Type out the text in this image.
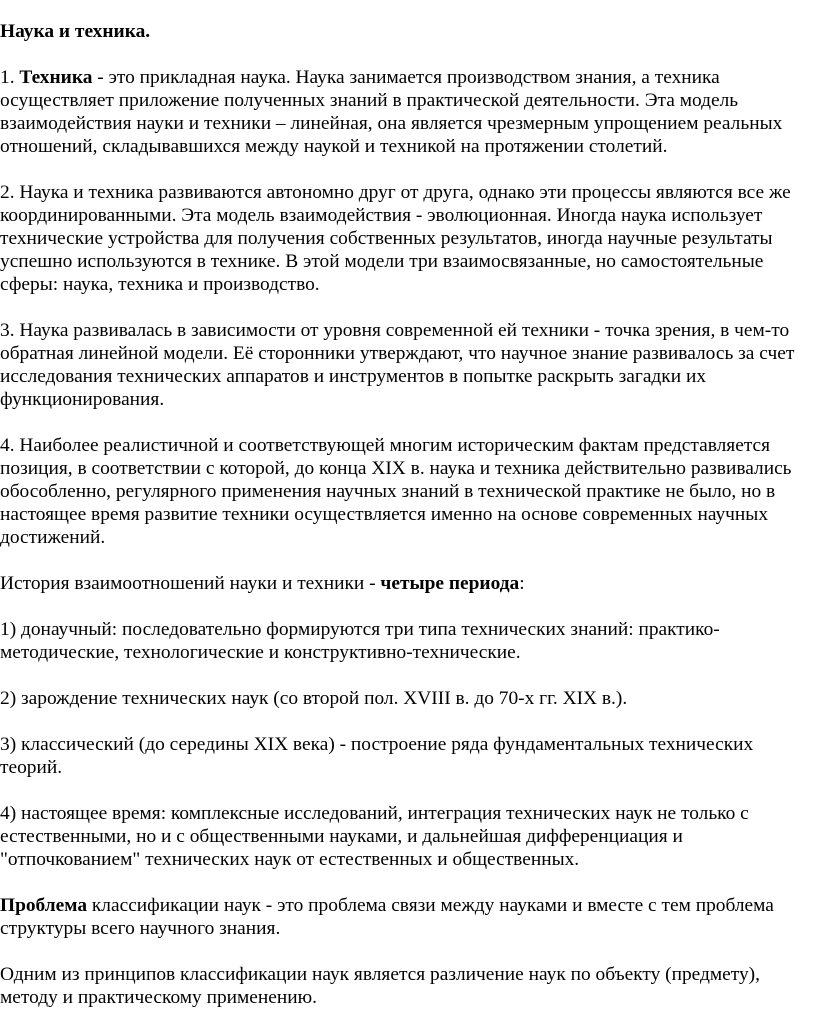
Наука и техника.

1. Техника - это прикладная наука. Наука занимается производством знания, а техника осуществляет приложение полученных знаний в практической деятельности. Эта модель взаимодействия науки и техники – линейная, она является чрезмерным упрощением реальных отношений, складывавшихся между наукой и техникой на протяжении столетий.

2. Наука и техника развиваются автономно друг от друга, однако эти процессы являются все же координированными. Эта модель взаимодействия - эволюционная. Иногда наука использует технические устройства для получения собственных результатов, иногда научные результаты успешно используются в технике. В этой модели три взаимосвязанные, но самостоятельные сферы: наука, техника и производство.

3. Наука развивалась в зависимости от уровня современной ей техники - точка зрения, в чем-то обратная линейной модели. Её сторонники утверждают, что научное знание развивалось за счет исследования технических аппаратов и инструментов в попытке раскрыть загадки их функционирования.

4. Наиболее реалистичной и соответствующей многим историческим фактам представляется позиция, в соответствии с которой, до конца XIX в. наука и техника действительно развивались обособленно, регулярного применения научных знаний в технической практике не было, но в настоящее время развитие техники осуществляется именно на основе современных научных достижений.

История взаимоотношений науки и техники - четыре периода:

1) донаучный: последовательно формируются три типа технических знаний: практико-методические, технологические и конструктивно-технические.

2) зарождение технических наук (со второй пол. XVIII в. до 70-х гг. XIX в.).

3) классический (до середины XIX века) - построение ряда фундаментальных технических теорий.

4) настоящее время: комплексные исследований, интеграция технических наук не только с естественными, но и с общественными науками, и дальнейшая дифференциация и "отпочкованием" технических наук от естественных и общественных.

Проблема классификации наук - это проблема связи между науками и вместе с тем проблема структуры всего научного знания.

Одним из принципов классификации наук является различение наук по объекту (предмету), методу и практическому применению.
